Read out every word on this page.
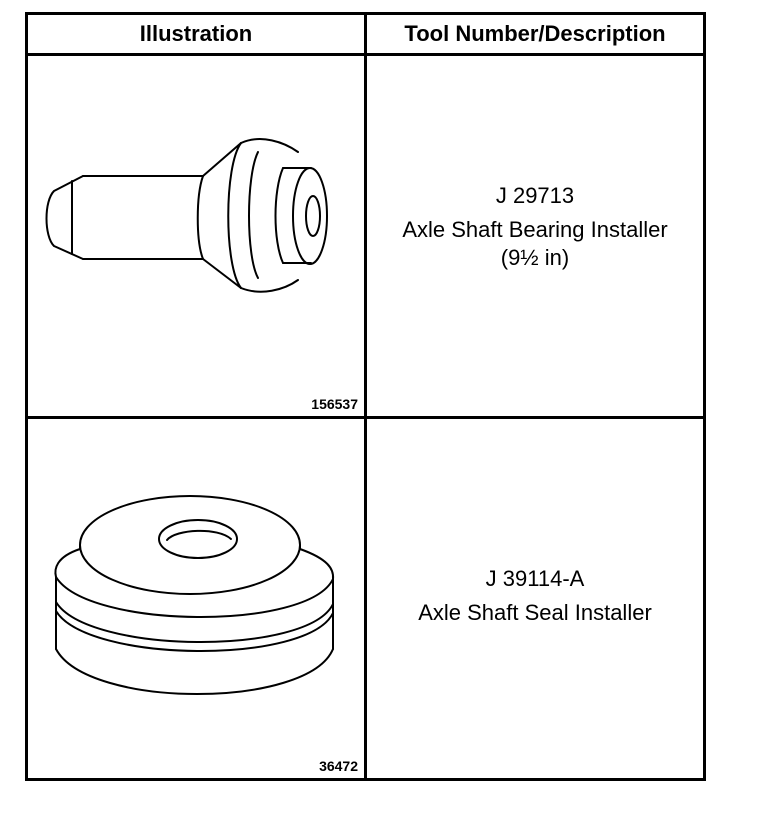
Illustration	Tool Number/Description
156537
J 29713
Axle Shaft Bearing Installer
(9½ in)
36472
J 39114-A
Axle Shaft Seal Installer
